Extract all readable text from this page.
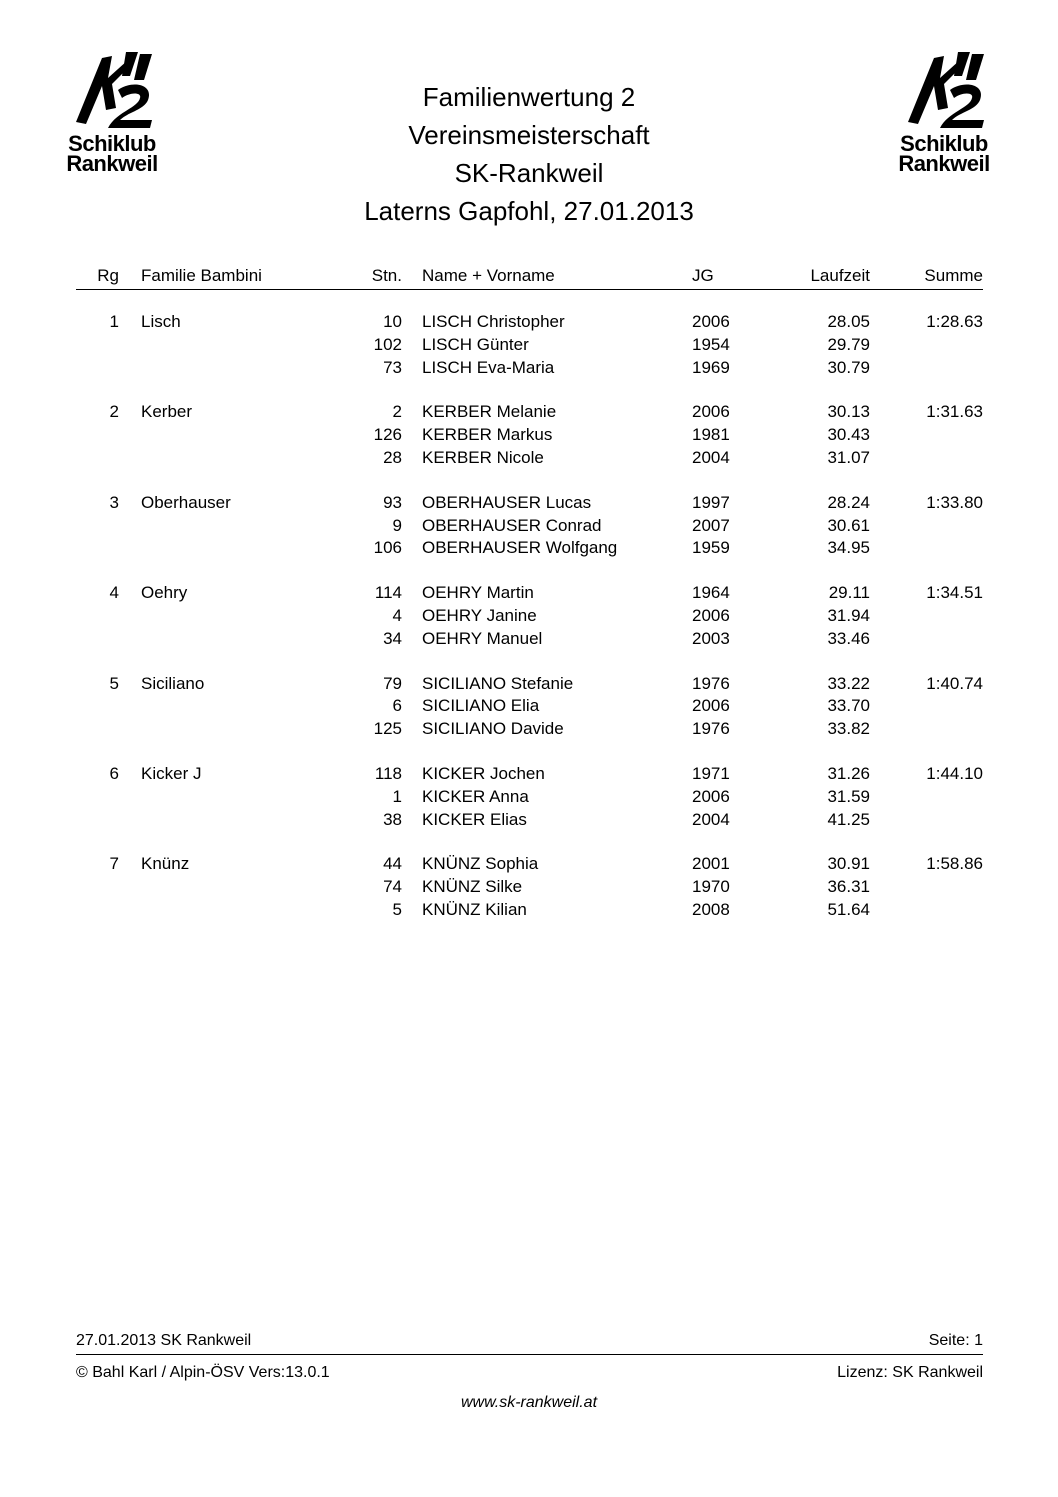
Schiklub
Rankweil
Schiklub
Rankweil
Familienwertung 2
Vereinsmeisterschaft
SK-Rankweil
Laterns Gapfohl, 27.01.2013
Rg Familie Bambini	Stn. Name + Vorname	JG	Laufzeit	Summe
1 Lisch	10 LISCH Christopher	2006	28.05	1:28.63
102 LISCH Günter	1954	29.79
73 LISCH Eva-Maria	1969	30.79
2 Kerber	2 KERBER Melanie	2006	30.13	1:31.63
126 KERBER Markus	1981	30.43
28 KERBER Nicole	2004	31.07
3 Oberhauser	93 OBERHAUSER Lucas	1997	28.24	1:33.80
9 OBERHAUSER Conrad	2007	30.61
106 OBERHAUSER Wolfgang	1959	34.95
4 Oehry	114 OEHRY Martin	1964	29.11	1:34.51
4 OEHRY Janine	2006	31.94
34 OEHRY Manuel	2003	33.46
5 Siciliano	79 SICILIANO Stefanie	1976	33.22	1:40.74
6 SICILIANO Elia	2006	33.70
125 SICILIANO Davide	1976	33.82
6 Kicker J	118 KICKER Jochen	1971	31.26	1:44.10
1 KICKER Anna	2006	31.59
38 KICKER Elias	2004	41.25
7 Knünz	44 KNÜNZ Sophia	2001	30.91	1:58.86
74 KNÜNZ Silke	1970	36.31
5 KNÜNZ Kilian	2008	51.64
27.01.2013 SK Rankweil	Seite: 1
© Bahl Karl / Alpin-ÖSV Vers:13.0.1	Lizenz: SK Rankweil
www.sk-rankweil.at
